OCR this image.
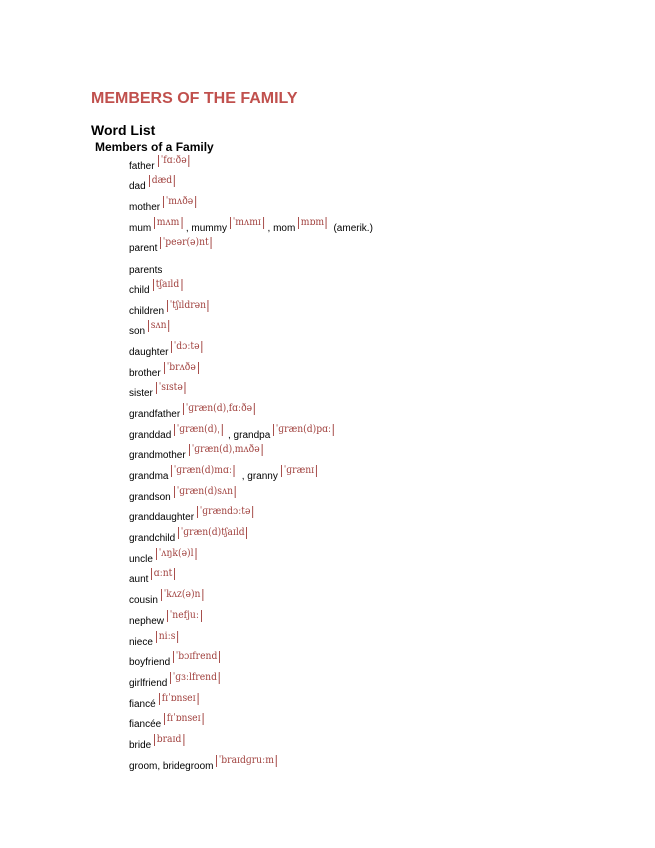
MEMBERS OF THE FAMILY
Word List
Members of a Family
fatherˈfɑːðə
daddæd
motherˈmʌðə
mummʌm, mummyˈmʌmɪ, mommɒm (amerik.)
parentˈpeər(ə)nt
parents
childtʃaɪld
childrenˈtʃɪldrən
sonsʌn
daughterˈdɔːtə
brotherˈbrʌðə
sisterˈsɪstə
grandfatherˈɡræn(d)ˌfɑːðə
granddadˈɡræn(d)ˌ, grandpaˈɡræn(d)pɑː
grandmotherˈɡræn(d)ˌmʌðə
grandmaˈɡræn(d)mɑː, grannyˈɡrænɪ
grandsonˈɡræn(d)sʌn
granddaughterˈɡrændɔːtə
grandchildˈɡræn(d)tʃaɪld
uncleˈʌŋk(ə)l
auntɑːnt
cousinˈkʌz(ə)n
nephewˈnefjuː
nieceniːs
boyfriendˈbɔɪfrend
girlfriendˈɡɜːlfrend
fiancéfɪˈɒnseɪ
fiancéefɪˈɒnseɪ
bridebraɪd
groom, bridegroomˈbraɪdɡruːm
